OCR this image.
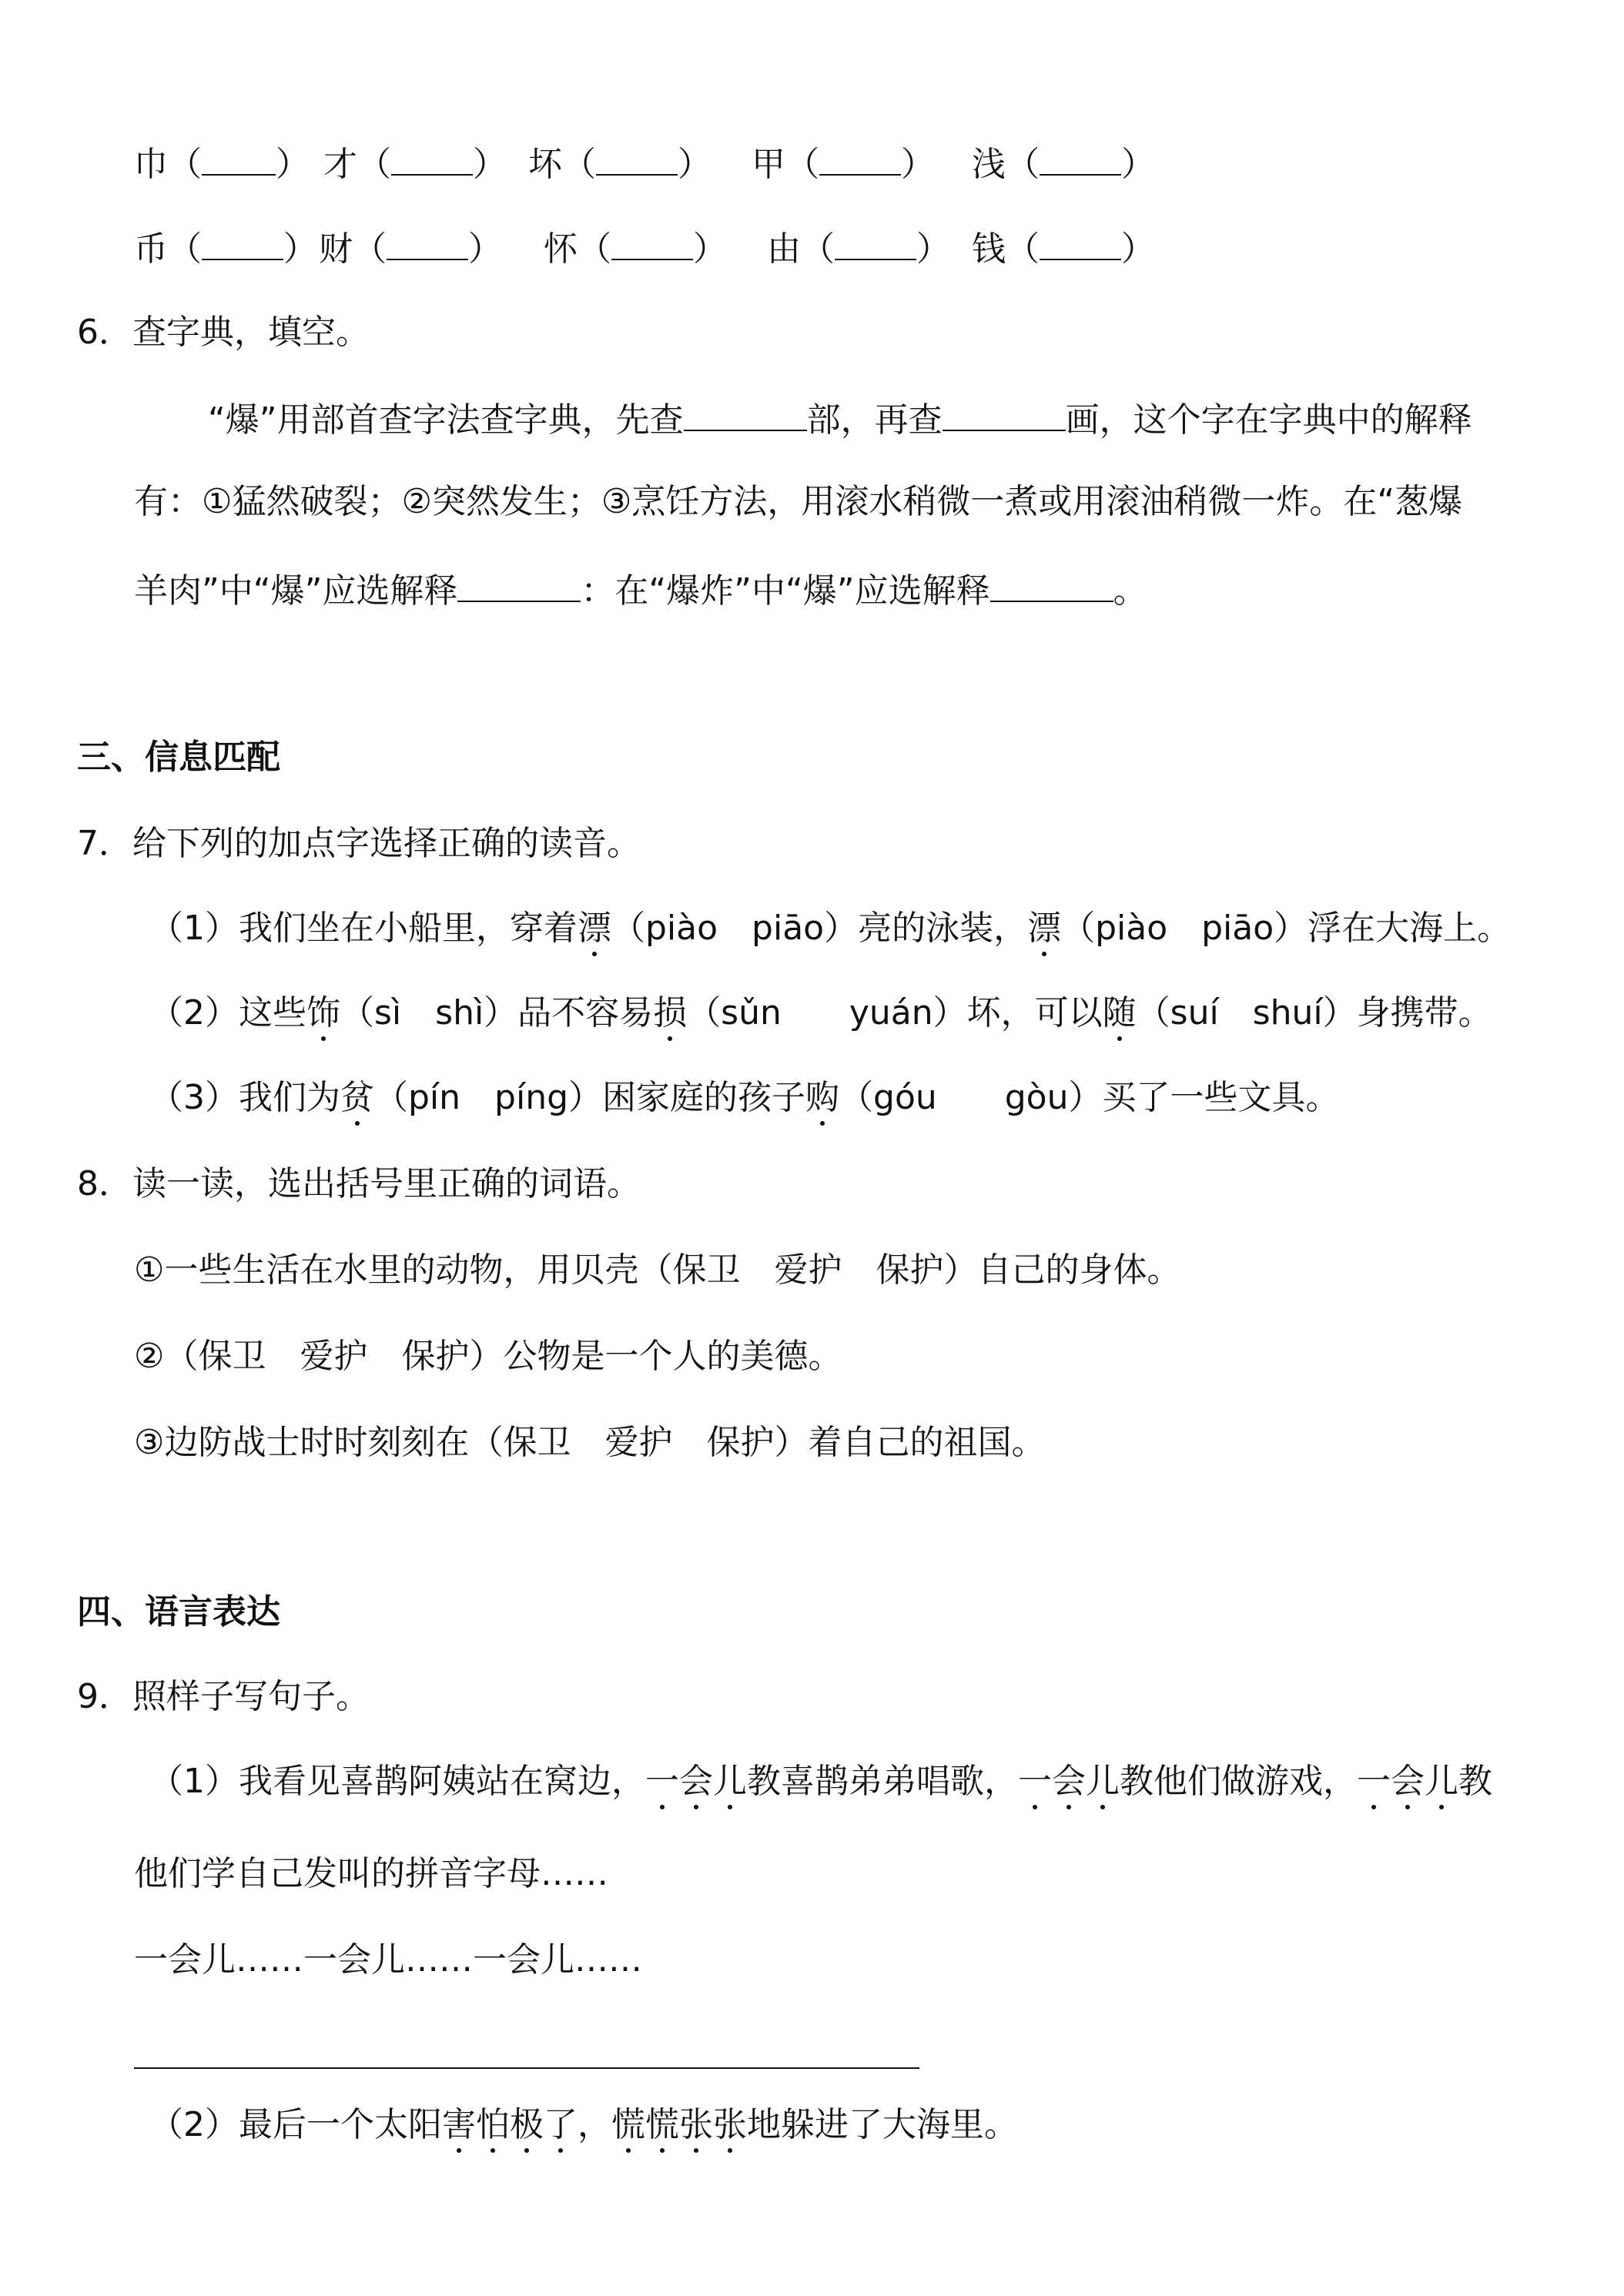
巾（ ） 才（ ） 坏（ ） 甲（ ） 浅（ ）
币（ ） 财（ ） 怀（ ） 由（ ） 钱（ ）
6．查字典，填空。
“爆”用部首查字法查字典，先查	部，再查	画，这个字在字典中的解释
有：①猛然破裂；②突然发生；③烹饪方法，用滚水稍微一煮或用滚油稍微一炸。在“葱爆
羊肉”中“爆”应选解释	：在“爆炸”中“爆”应选解释	。
三、信息匹配
7．给下列的加点字选择正确的读音。
（1）我们坐在小船里，穿着漂（piào　piāo）亮的泳装，漂（piào　piāo）浮在大海上。
（2）这些饰（sì　shì）品不容易损（sǔn　　yuán）坏，可以随（suí　shuí）身携带。
（3）我们为贫（pín　píng）困家庭的孩子购（góu　　gòu）买了一些文具。
8．读一读，选出括号里正确的词语。
①一些生活在水里的动物，用贝壳（保卫　爱护　保护）自己的身体。
②（保卫　爱护　保护）公物是一个人的美德。
③边防战士时时刻刻在（保卫　爱护　保护）着自己的祖国。
四、语言表达
9．照样子写句子。
（1）我看见喜鹊阿姨站在窝边，一会儿教喜鹊弟弟唱歌，一会儿教他们做游戏，一会儿教
他们学自己发叫的拼音字母……
一会儿……一会儿……一会儿……
（2）最后一个太阳害怕极了，慌慌张张地躲进了大海里。
